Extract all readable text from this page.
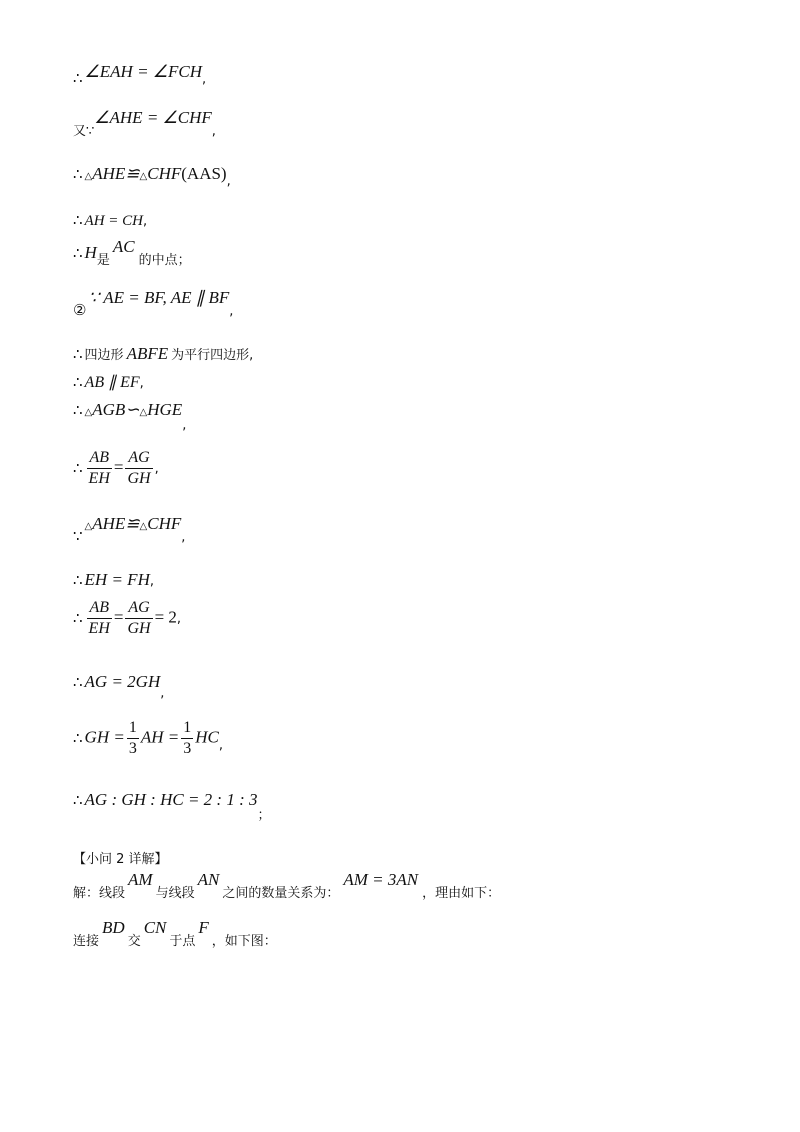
∴ ∠EAH = ∠FCH,
又∵∠AHE = ∠CHF,
∴ △AHE≌△CHF(AAS),
∴ AH = CH,
∴ H是AC的中点；
②∵ AE = BF, AE ∥ BF,
∴ 四边形 ABFE 为平行四边形,
∴ AB ∥ EF,
∴ △AGB∽△HGE,
∴ $\frac{AB}{EH} = \frac{AG}{GH}$ ,
∵△AHE≌△CHF,
∴ EH = FH,
∴ $\frac{AB}{EH} = \frac{AG}{GH} = 2$,
∴ AG = 2GH,
∴ GH = $\frac{1}{3}$ AH = $\frac{1}{3}$ HC,
∴ AG : GH : HC = 2 : 1 : 3；
【小问 2 详解】
解：线段AM与线段AN之间的数量关系为：AM = 3AN，理由如下：
连接BD交CN于点F，如下图：
